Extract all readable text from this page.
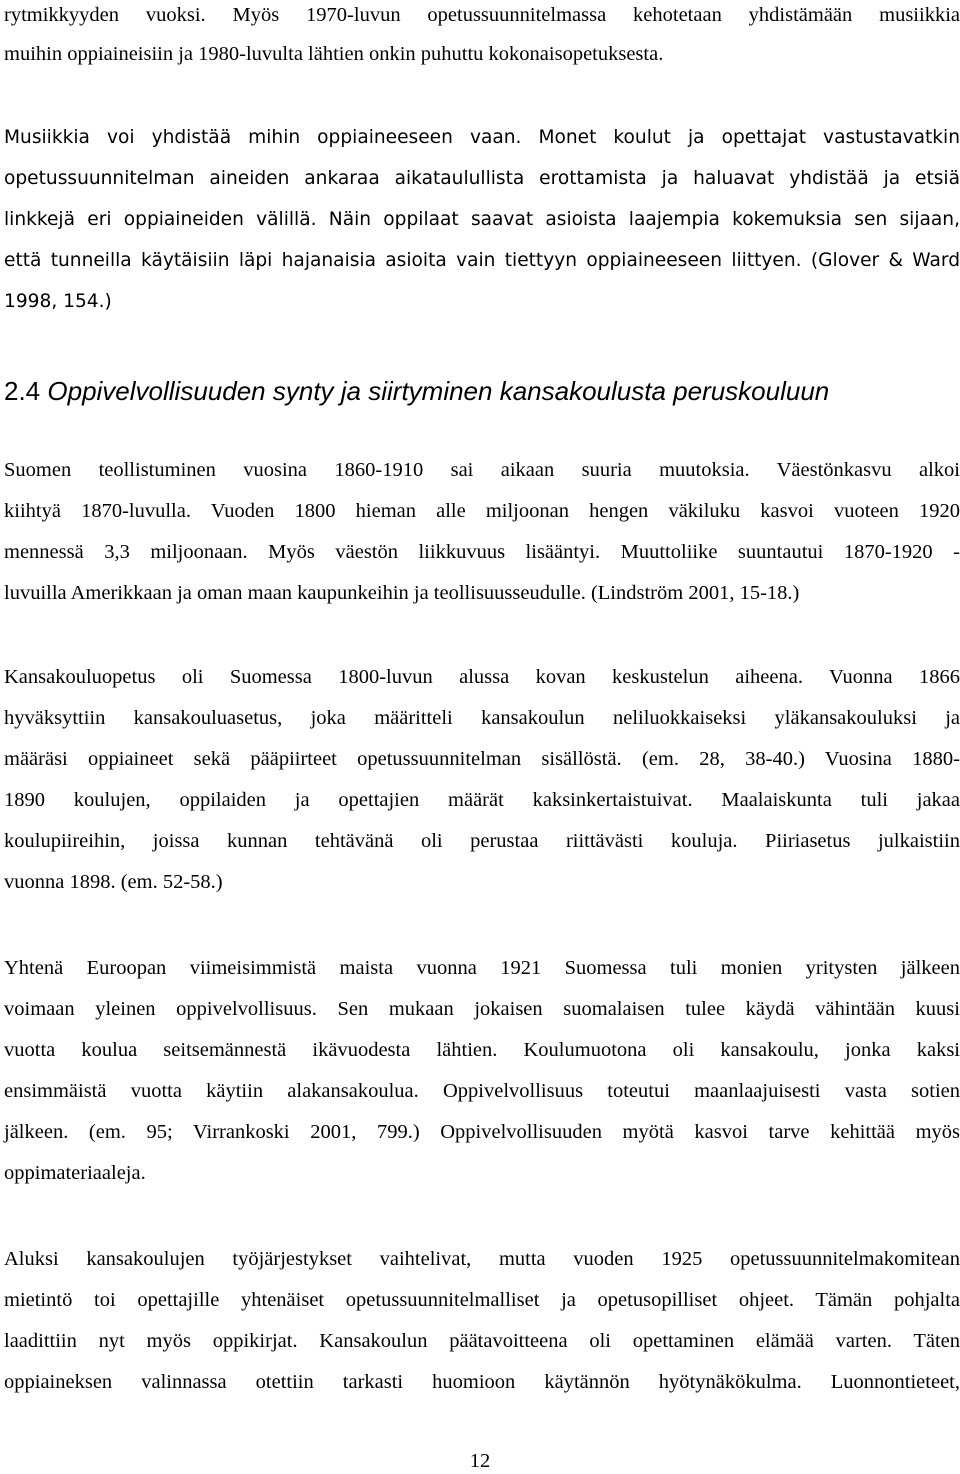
rytmikkyyden vuoksi. Myös 1970-luvun opetussuunnitelmassa kehotetaan yhdistämään musiikkia
muihin oppiaineisiin ja 1980-luvulta lähtien onkin puhuttu kokonaisopetuksesta.
Musiikkia voi yhdistää mihin oppiaineeseen vaan. Monet koulut ja opettajat vastustavatkin
opetussuunnitelman aineiden ankaraa aikataulullista erottamista ja haluavat yhdistää ja etsiä
linkkejä eri oppiaineiden välillä. Näin oppilaat saavat asioista laajempia kokemuksia sen sijaan,
että tunneilla käytäisiin läpi hajanaisia asioita vain tiettyyn oppiaineeseen liittyen. (Glover & Ward
1998, 154.)
2.4 Oppivelvollisuuden synty ja siirtyminen kansakoulusta peruskouluun
Suomen teollistuminen vuosina 1860-1910 sai aikaan suuria muutoksia. Väestönkasvu alkoi
kiihtyä 1870-luvulla. Vuoden 1800 hieman alle miljoonan hengen väkiluku kasvoi vuoteen 1920
mennessä 3,3 miljoonaan. Myös väestön liikkuvuus lisääntyi. Muuttoliike suuntautui 1870-1920 -
luvuilla Amerikkaan ja oman maan kaupunkeihin ja teollisuusseudulle. (Lindström 2001, 15-18.)
Kansakouluopetus oli Suomessa 1800-luvun alussa kovan keskustelun aiheena. Vuonna 1866
hyväksyttiin kansakouluasetus, joka määritteli kansakoulun neliluokkaiseksi yläkansakouluksi ja
määräsi oppiaineet sekä pääpiirteet opetussuunnitelman sisällöstä. (em. 28, 38-40.) Vuosina 1880-
1890 koulujen, oppilaiden ja opettajien määrät kaksinkertaistuivat. Maalaiskunta tuli jakaa
koulupiireihin, joissa kunnan tehtävänä oli perustaa riittävästi kouluja. Piiriasetus julkaistiin
vuonna 1898. (em. 52-58.)
Yhtenä Euroopan viimeisimmistä maista vuonna 1921 Suomessa tuli monien yritysten jälkeen
voimaan yleinen oppivelvollisuus. Sen mukaan jokaisen suomalaisen tulee käydä vähintään kuusi
vuotta koulua seitsemännestä ikävuodesta lähtien. Koulumuotona oli kansakoulu, jonka kaksi
ensimmäistä vuotta käytiin alakansakoulua. Oppivelvollisuus toteutui maanlaajuisesti vasta sotien
jälkeen. (em. 95; Virrankoski 2001, 799.) Oppivelvollisuuden myötä kasvoi tarve kehittää myös
oppimateriaaleja.
Aluksi kansakoulujen työjärjestykset vaihtelivat, mutta vuoden 1925 opetussuunnitelmakomitean
mietintö toi opettajille yhtenäiset opetussuunnitelmalliset ja opetusopilliset ohjeet. Tämän pohjalta
laadittiin nyt myös oppikirjat. Kansakoulun päätavoitteena oli opettaminen elämää varten. Täten
oppiaineksen valinnassa otettiin tarkasti huomioon käytännön hyötynäkökulma. Luonnontieteet,
12
